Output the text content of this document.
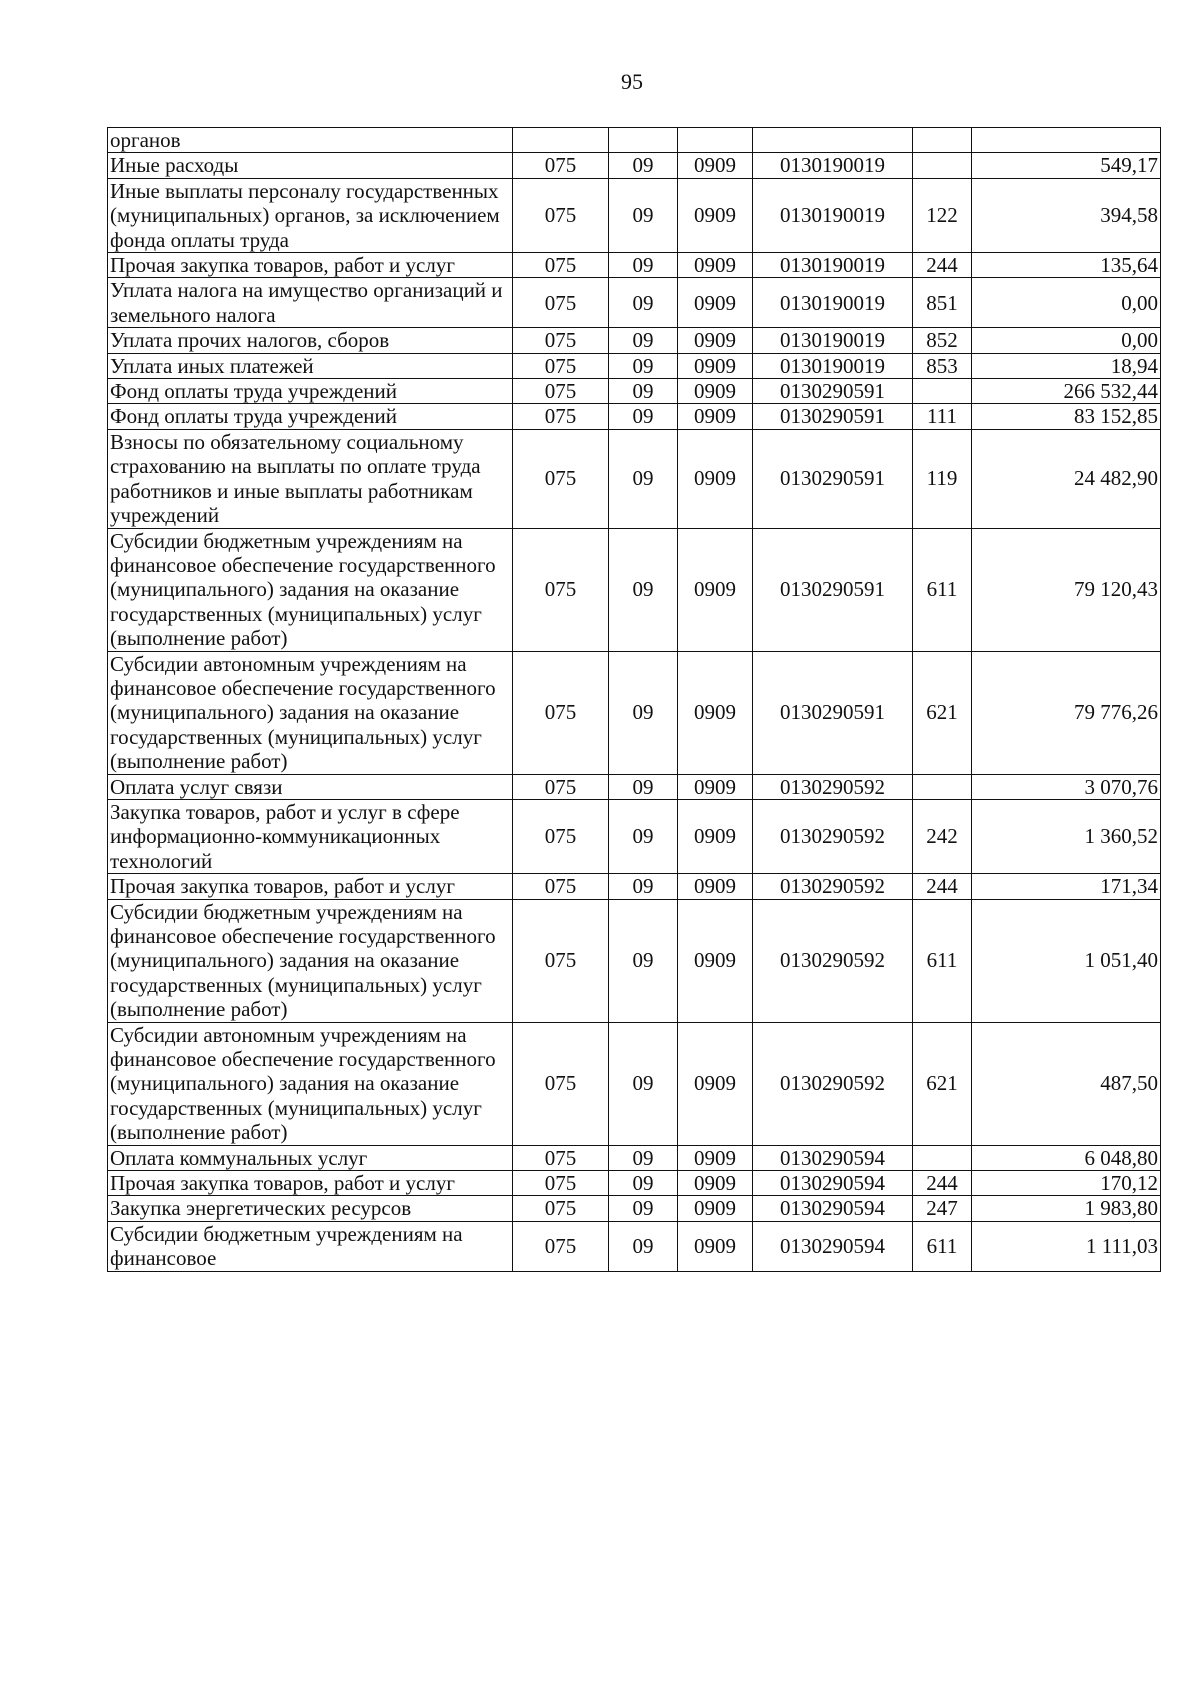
95
органов						
Иные расходы	075	09	0909	0130190019		549,17
Иные выплаты персоналу государственных (муниципальных) органов, за исключением фонда оплаты труда	075	09	0909	0130190019	122	394,58
Прочая закупка товаров, работ и услуг	075	09	0909	0130190019	244	135,64
Уплата налога на имущество организаций и земельного налога	075	09	0909	0130190019	851	0,00
Уплата прочих налогов, сборов	075	09	0909	0130190019	852	0,00
Уплата иных платежей	075	09	0909	0130190019	853	18,94
Фонд оплаты труда учреждений	075	09	0909	0130290591		266 532,44
Фонд оплаты труда учреждений	075	09	0909	0130290591	111	83 152,85
Взносы по обязательному социальному страхованию на выплаты по оплате труда работников и иные выплаты работникам учреждений	075	09	0909	0130290591	119	24 482,90
Субсидии бюджетным учреждениям на финансовое обеспечение государственного (муниципального) задания на оказание государственных (муниципальных) услуг (выполнение работ)	075	09	0909	0130290591	611	79 120,43
Субсидии автономным учреждениям на финансовое обеспечение государственного (муниципального) задания на оказание государственных (муниципальных) услуг (выполнение работ)	075	09	0909	0130290591	621	79 776,26
Оплата услуг связи	075	09	0909	0130290592		3 070,76
Закупка товаров, работ и услуг в сфере информационно-коммуникационных технологий	075	09	0909	0130290592	242	1 360,52
Прочая закупка товаров, работ и услуг	075	09	0909	0130290592	244	171,34
Субсидии бюджетным учреждениям на финансовое обеспечение государственного (муниципального) задания на оказание государственных (муниципальных) услуг (выполнение работ)	075	09	0909	0130290592	611	1 051,40
Субсидии автономным учреждениям на финансовое обеспечение государственного (муниципального) задания на оказание государственных (муниципальных) услуг (выполнение работ)	075	09	0909	0130290592	621	487,50
Оплата коммунальных услуг	075	09	0909	0130290594		6 048,80
Прочая закупка товаров, работ и услуг	075	09	0909	0130290594	244	170,12
Закупка энергетических ресурсов	075	09	0909	0130290594	247	1 983,80
Субсидии бюджетным учреждениям на финансовое	075	09	0909	0130290594	611	1 111,03
